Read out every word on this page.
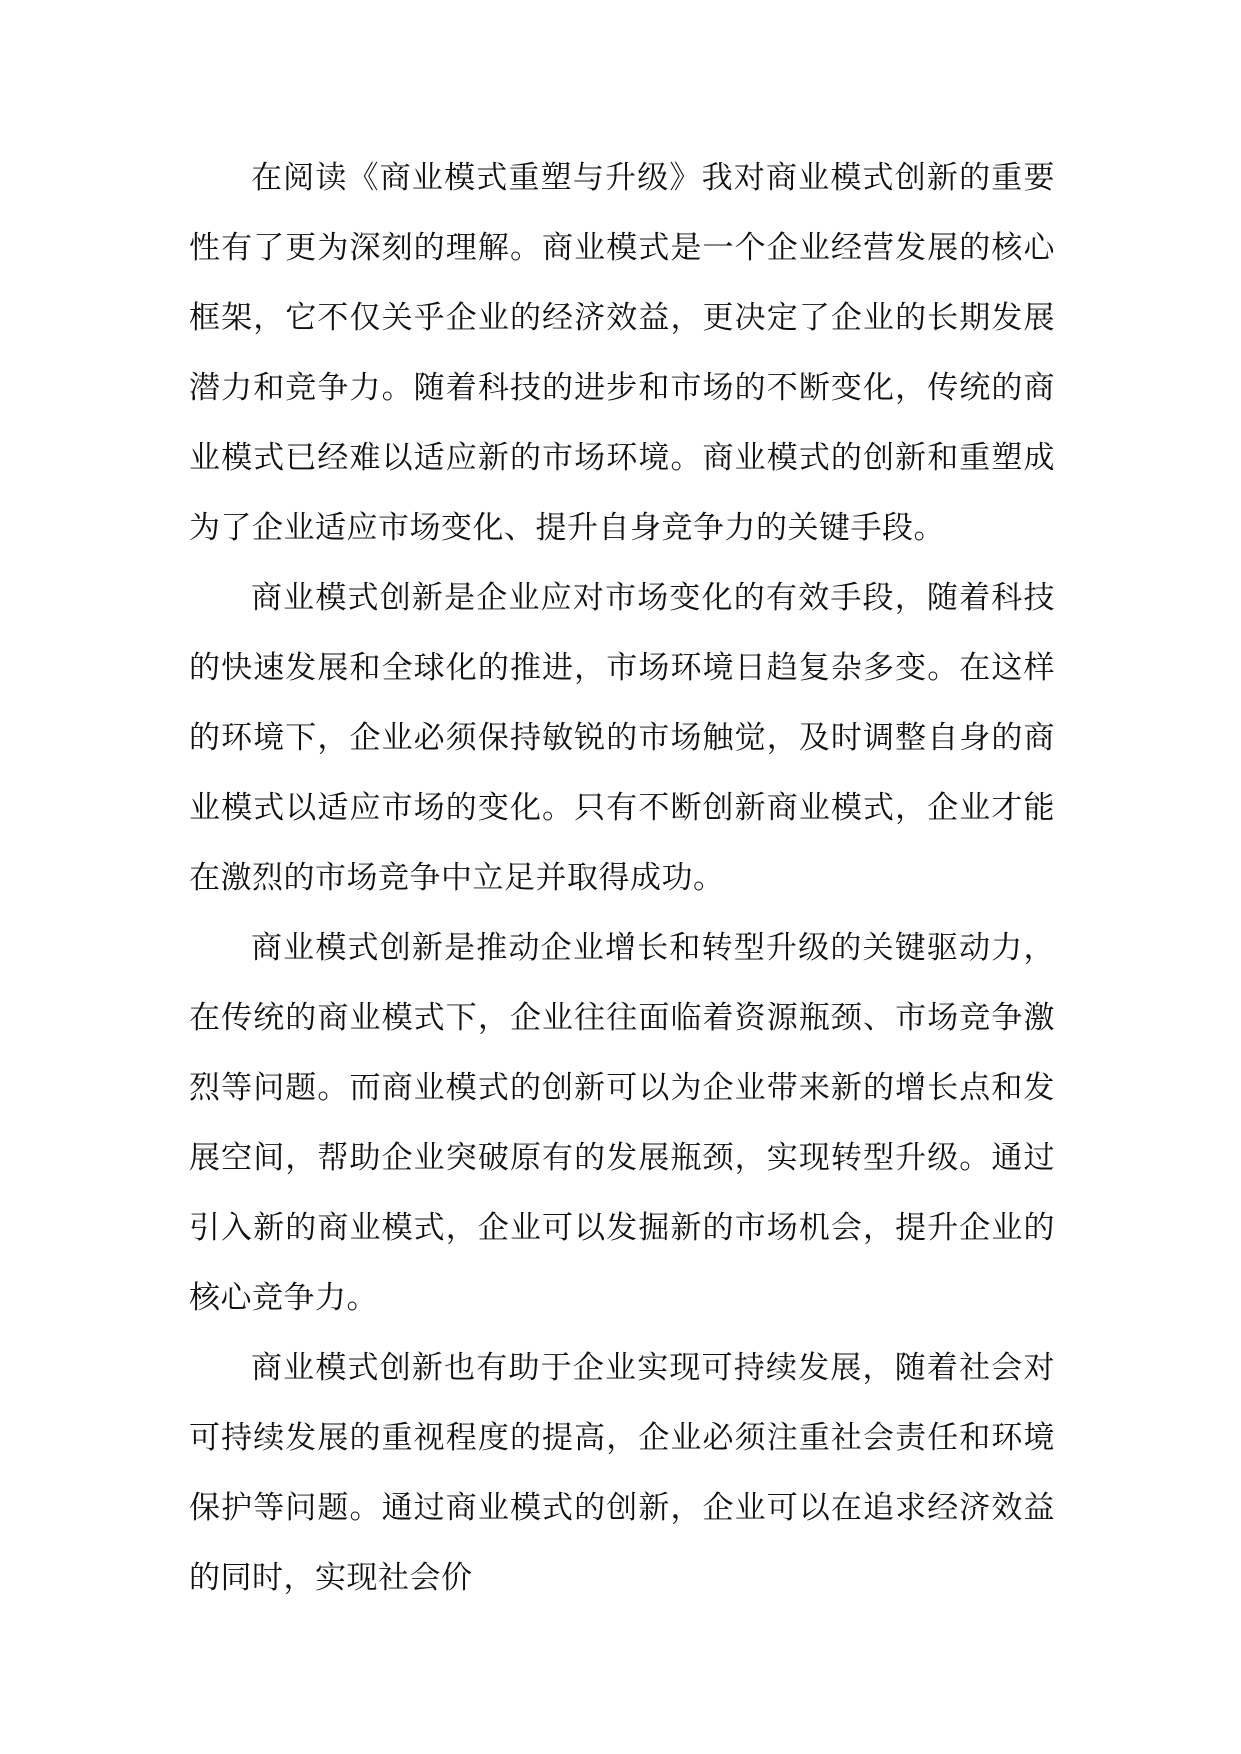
在阅读《商业模式重塑与升级》我对商业模式创新的重要性有了更为深刻的理解。商业模式是一个企业经营发展的核心框架，它不仅关乎企业的经济效益，更决定了企业的长期发展潜力和竞争力。随着科技的进步和市场的不断变化，传统的商业模式已经难以适应新的市场环境。商业模式的创新和重塑成为了企业适应市场变化、提升自身竞争力的关键手段。

商业模式创新是企业应对市场变化的有效手段，随着科技的快速发展和全球化的推进，市场环境日趋复杂多变。在这样的环境下，企业必须保持敏锐的市场触觉，及时调整自身的商业模式以适应市场的变化。只有不断创新商业模式，企业才能在激烈的市场竞争中立足并取得成功。

商业模式创新是推动企业增长和转型升级的关键驱动力，在传统的商业模式下，企业往往面临着资源瓶颈、市场竞争激烈等问题。而商业模式的创新可以为企业带来新的增长点和发展空间，帮助企业突破原有的发展瓶颈，实现转型升级。通过引入新的商业模式，企业可以发掘新的市场机会，提升企业的核心竞争力。

商业模式创新也有助于企业实现可持续发展，随着社会对可持续发展的重视程度的提高，企业必须注重社会责任和环境保护等问题。通过商业模式的创新，企业可以在追求经济效益的同时，实现社会价
